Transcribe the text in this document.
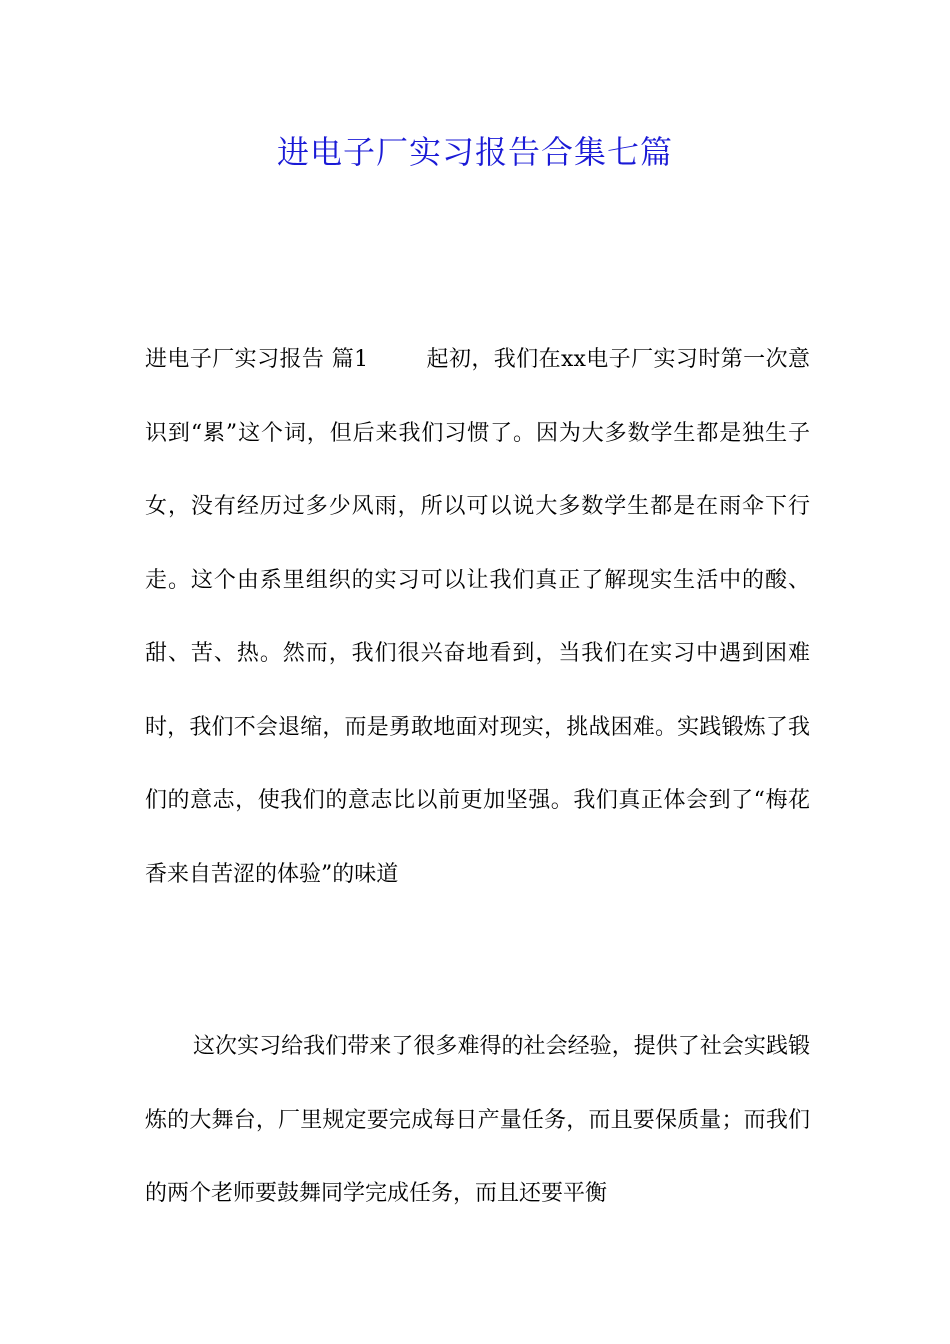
进电子厂实习报告合集七篇

进电子厂实习报告 篇1	起初，我们在xx电子厂实习时第一次意识到“累”这个词，但后来我们习惯了。因为大多数学生都是独生子女，没有经历过多少风雨，所以可以说大多数学生都是在雨伞下行走。这个由系里组织的实习可以让我们真正了解现实生活中的酸、甜、苦、热。然而，我们很兴奋地看到，当我们在实习中遇到困难时，我们不会退缩，而是勇敢地面对现实，挑战困难。实践锻炼了我们的意志，使我们的意志比以前更加坚强。我们真正体会到了“梅花香来自苦涩的体验”的味道

这次实习给我们带来了很多难得的社会经验，提供了社会实践锻炼的大舞台，厂里规定要完成每日产量任务，而且要保质量；而我们的两个老师要鼓舞同学完成任务，而且还要平衡
